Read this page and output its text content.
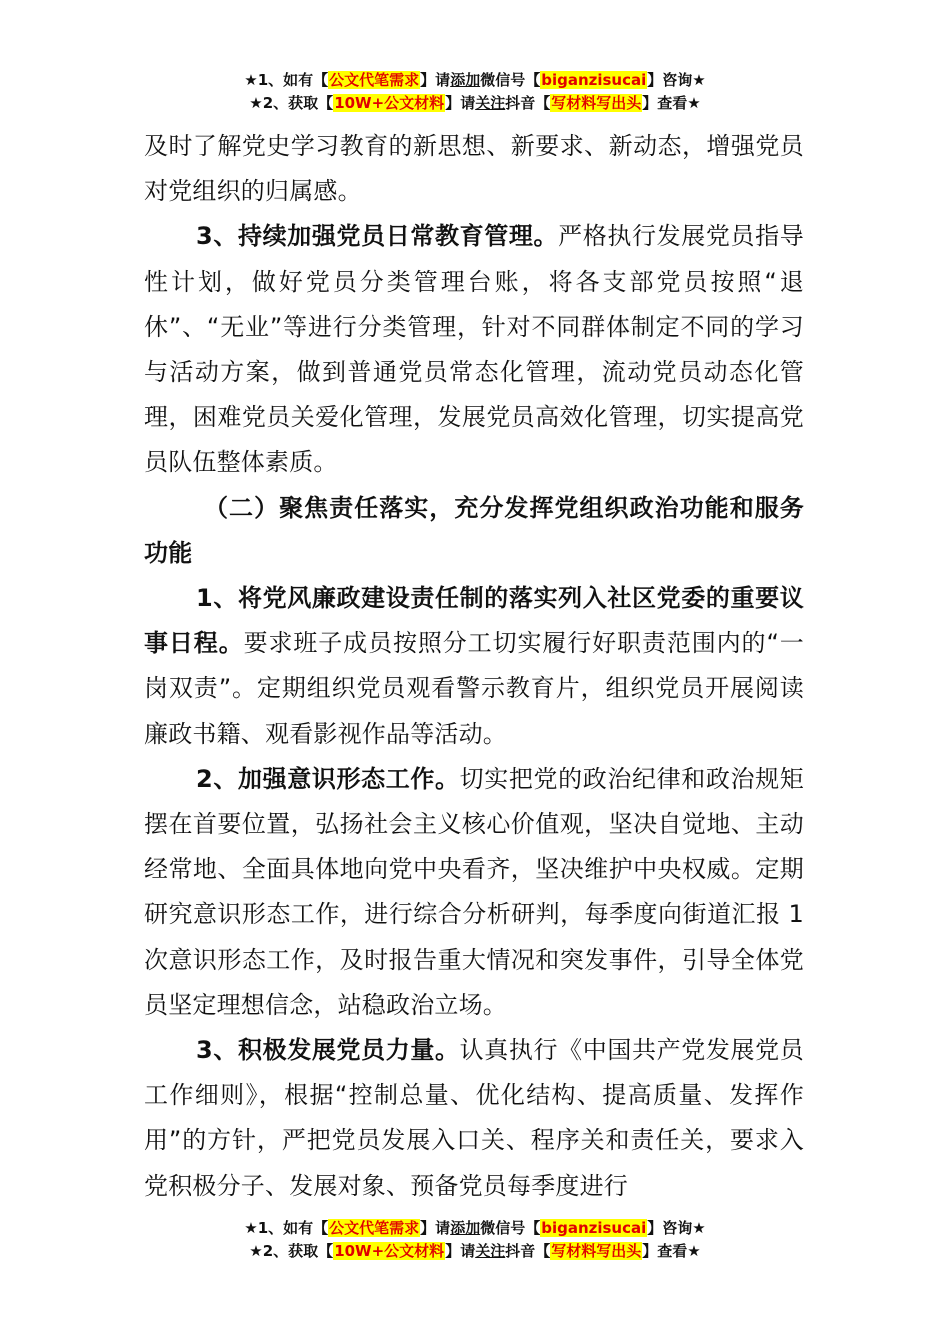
★1、如有【公文代笔需求】请添加微信号【biganzisucai】咨询★
★2、获取【10W+公文材料】请关注抖音【写材料写出头】查看★

及时了解党史学习教育的新思想、新要求、新动态，增强党员对党组织的归属感。

3、持续加强党员日常教育管理。严格执行发展党员指导性计划，做好党员分类管理台账，将各支部党员按照“退休”、“无业”等进行分类管理，针对不同群体制定不同的学习与活动方案，做到普通党员常态化管理，流动党员动态化管理，困难党员关爱化管理，发展党员高效化管理，切实提高党员队伍整体素质。

（二）聚焦责任落实，充分发挥党组织政治功能和服务功能

1、将党风廉政建设责任制的落实列入社区党委的重要议事日程。要求班子成员按照分工切实履行好职责范围内的“一岗双责”。定期组织党员观看警示教育片，组织党员开展阅读廉政书籍、观看影视作品等活动。

2、加强意识形态工作。切实把党的政治纪律和政治规矩摆在首要位置，弘扬社会主义核心价值观，坚决自觉地、主动经常地、全面具体地向党中央看齐，坚决维护中央权威。定期研究意识形态工作，进行综合分析研判，每季度向街道汇报 1 次意识形态工作，及时报告重大情况和突发事件，引导全体党员坚定理想信念，站稳政治立场。

3、积极发展党员力量。认真执行《中国共产党发展党员工作细则》，根据“控制总量、优化结构、提高质量、发挥作用”的方针，严把党员发展入口关、程序关和责任关，要求入党积极分子、发展对象、预备党员每季度进行

★1、如有【公文代笔需求】请添加微信号【biganzisucai】咨询★
★2、获取【10W+公文材料】请关注抖音【写材料写出头】查看★
